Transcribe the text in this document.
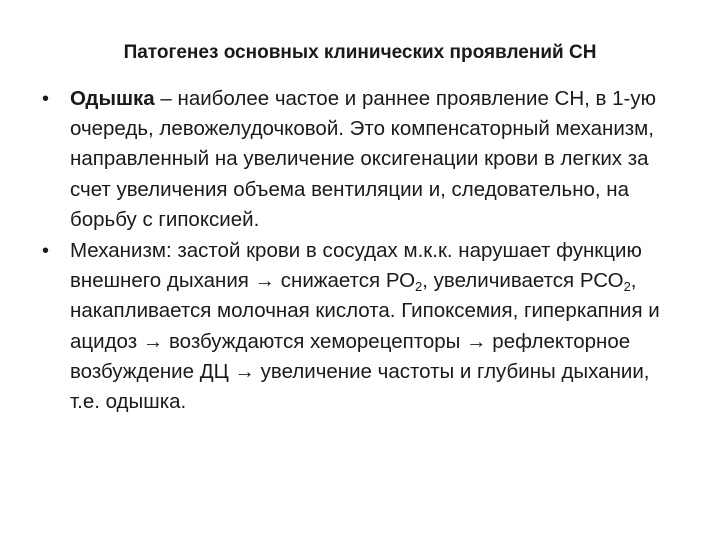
Патогенез основных клинических проявлений СН
•	Одышка – наиболее частое и раннее проявление СН, в 1-ую очередь, левожелудочковой. Это компенсаторный механизм, направленный на увеличение оксигенации крови в легких за счет увеличения объема вентиляции и, следовательно, на борьбу с гипоксией.
•	Механизм: застой крови в сосудах м.к.к. нарушает функцию внешнего дыхания → снижается $РО_2$, увеличивается $РСО_2$, накапливается молочная кислота. Гипоксемия, гиперкапния и ацидоз → возбуждаются хеморецепторы → рефлекторное возбуждение ДЦ → увеличение частоты и глубины дыхании, т.е. одышка.
